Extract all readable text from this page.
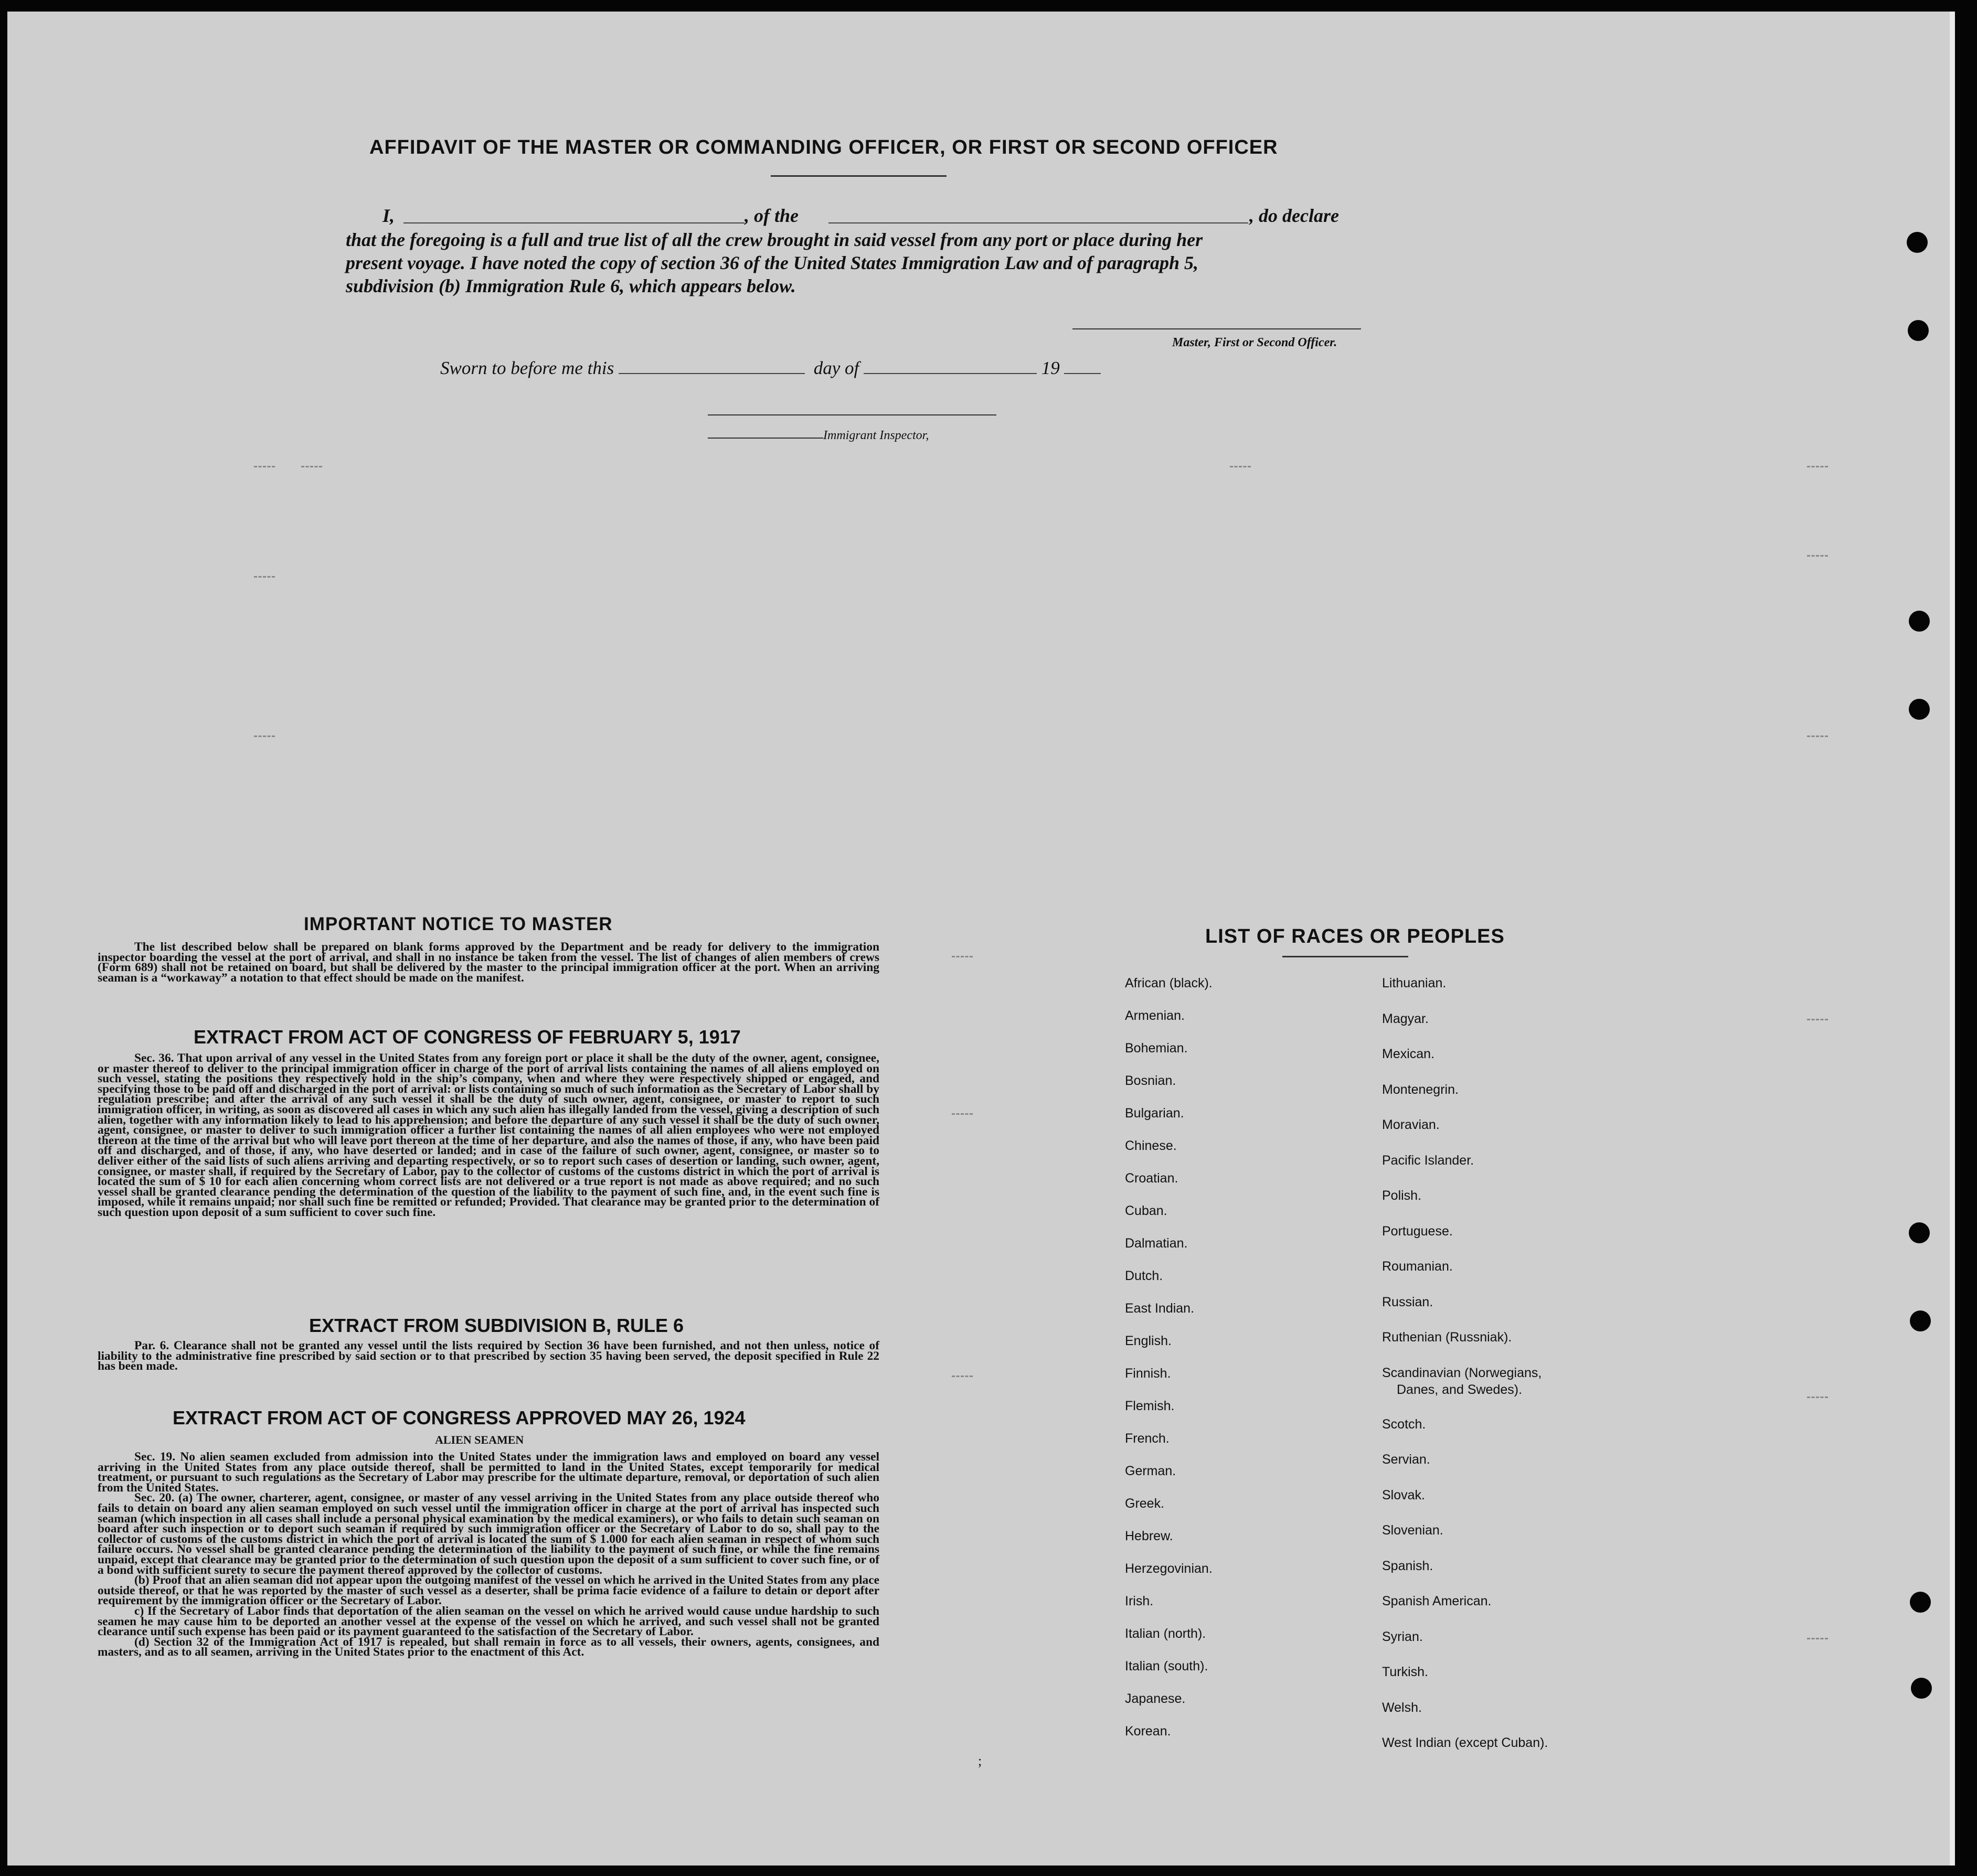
AFFIDAVIT OF THE MASTER OR COMMANDING OFFICER, OR FIRST OR SECOND OFFICER
I,	, of the	, do declare
that the foregoing is a full and true list of all the crew brought in said vessel from any port or place during her
present voyage. I have noted the copy of section 36 of the United States Immigration Law and of paragraph 5,
subdivision (b) Immigration Rule 6, which appears below.
Master, First or Second Officer.
Sworn to before me this	day of	19
Immigrant Inspector,
IMPORTANT NOTICE TO MASTER

The list described below shall be prepared on blank forms approved by the Department and be ready for delivery to the immigration inspector boarding the vessel at the port of arrival, and shall in no instance be taken from the vessel. The list of changes of alien members of crews (Form 689) shall not be retained on board, but shall be delivered by the master to the principal immigration officer at the port. When an arriving seaman is a “workaway” a notation to that effect should be made on the manifest.

EXTRACT FROM ACT OF CONGRESS OF FEBRUARY 5, 1917

Sec. 36. That upon arrival of any vessel in the United States from any foreign port or place it shall be the duty of the owner, agent, consignee, or master thereof to deliver to the principal immigration officer in charge of the port of arrival lists containing the names of all aliens employed on such vessel, stating the positions they respectively hold in the ship’s company, when and where they were respectively shipped or engaged, and specifying those to be paid off and discharged in the port of arrival: or lists containing so much of such information as the Secretary of Labor shall by regulation prescribe; and after the arrival of any such vessel it shall be the duty of such owner, agent, consignee, or master to report to such immigration officer, in writing, as soon as discovered all cases in which any such alien has illegally landed from the vessel, giving a description of such alien, together with any information likely to lead to his apprehension; and before the departure of any such vessel it shall be the duty of such owner, agent, consignee, or master to deliver to such immigration officer a further list containing the names of all alien employees who were not employed thereon at the time of the arrival but who will leave port thereon at the time of her departure, and also the names of those, if any, who have been paid off and discharged, and of those, if any, who have deserted or landed; and in case of the failure of such owner, agent, consignee, or master so to deliver either of the said lists of such aliens arriving and departing respectively, or so to report such cases of desertion or landing, such owner, agent, consignee, or master shall, if required by the Secretary of Labor, pay to the collector of customs of the customs district in which the port of arrival is located the sum of $ 10 for each alien concerning whom correct lists are not delivered or a true report is not made as above required; and no such vessel shall be granted clearance pending the determination of the question of the liability to the payment of such fine, and, in the event such fine is imposed, while it remains unpaid; nor shall such fine be remitted or refunded; Provided. That clearance may be granted prior to the determination of such question upon deposit of a sum sufficient to cover such fine.

EXTRACT FROM SUBDIVISION B, RULE 6

Par. 6. Clearance shall not be granted any vessel until the lists required by Section 36 have been furnished, and not then unless, notice of liability to the administrative fine prescribed by said section or to that prescribed by section 35 having been served, the deposit specified in Rule 22 has been made.

EXTRACT FROM ACT OF CONGRESS APPROVED MAY 26, 1924
ALIEN SEAMEN

Sec. 19. No alien seamen excluded from admission into the United States under the immigration laws and employed on board any vessel arriving in the United States from any place outside thereof, shall be permitted to land in the United States, except temporarily for medical treatment, or pursuant to such regulations as the Secretary of Labor may prescribe for the ultimate departure, removal, or deportation of such alien from the United States.

Sec. 20. (a) The owner, charterer, agent, consignee, or master of any vessel arriving in the United States from any place outside thereof who fails to detain on board any alien seaman employed on such vessel until the immigration officer in charge at the port of arrival has inspected such seaman (which inspection in all cases shall include a personal physical examination by the medical examiners), or who fails to detain such seaman on board after such inspection or to deport such seaman if required by such immigration officer or the Secretary of Labor to do so, shall pay to the collector of customs of the customs district in which the port of arrival is located the sum of $ 1.000 for each alien seaman in respect of whom such failure occurs. No vessel shall be granted clearance pending the determination of the liability to the payment of such fine, or while the fine remains unpaid, except that clearance may be granted prior to the determination of such question upon the deposit of a sum sufficient to cover such fine, or of a bond with sufficient surety to secure the payment thereof approved by the collector of customs.

(b) Proof that an alien seaman did not appear upon the outgoing manifest of the vessel on which he arrived in the United States from any place outside thereof, or that he was reported by the master of such vessel as a deserter, shall be prima facie evidence of a failure to detain or deport after requirement by the immigration officer or the Secretary of Labor.

c) If the Secretary of Labor finds that deportation of the alien seaman on the vessel on which he arrived would cause undue hardship to such seamen he may cause him to be deported an another vessel at the expense of the vessel on which he arrived, and such vessel shall not be granted clearance until such expense has been paid or its payment guaranteed to the satisfaction of the Secretary of Labor.

(d) Section 32 of the Immigration Act of 1917 is repealed, but shall remain in force as to all vessels, their owners, agents, consignees, and masters, and as to all seamen, arriving in the United States prior to the enactment of this Act.

LIST OF RACES OR PEOPLES
;
African (black).
Armenian.
Bohemian.
Bosnian.
Bulgarian.
Chinese.
Croatian.
Cuban.
Dalmatian.
Dutch.
East Indian.
English.
Finnish.
Flemish.
French.
German.
Greek.
Hebrew.
Herzegovinian.
Irish.
Italian (north).
Italian (south).
Japanese.
Korean.
Lithuanian.
Magyar.
Mexican.
Montenegrin.
Moravian.
Pacific Islander.
Polish.
Portuguese.
Roumanian.
Russian.
Ruthenian (Russniak).
Scandinavian (Norwegians,
Danes, and Swedes).
Scotch.
Servian.
Slovak.
Slovenian.
Spanish.
Spanish American.
Syrian.
Turkish.
Welsh.
West Indian (except Cuban).
